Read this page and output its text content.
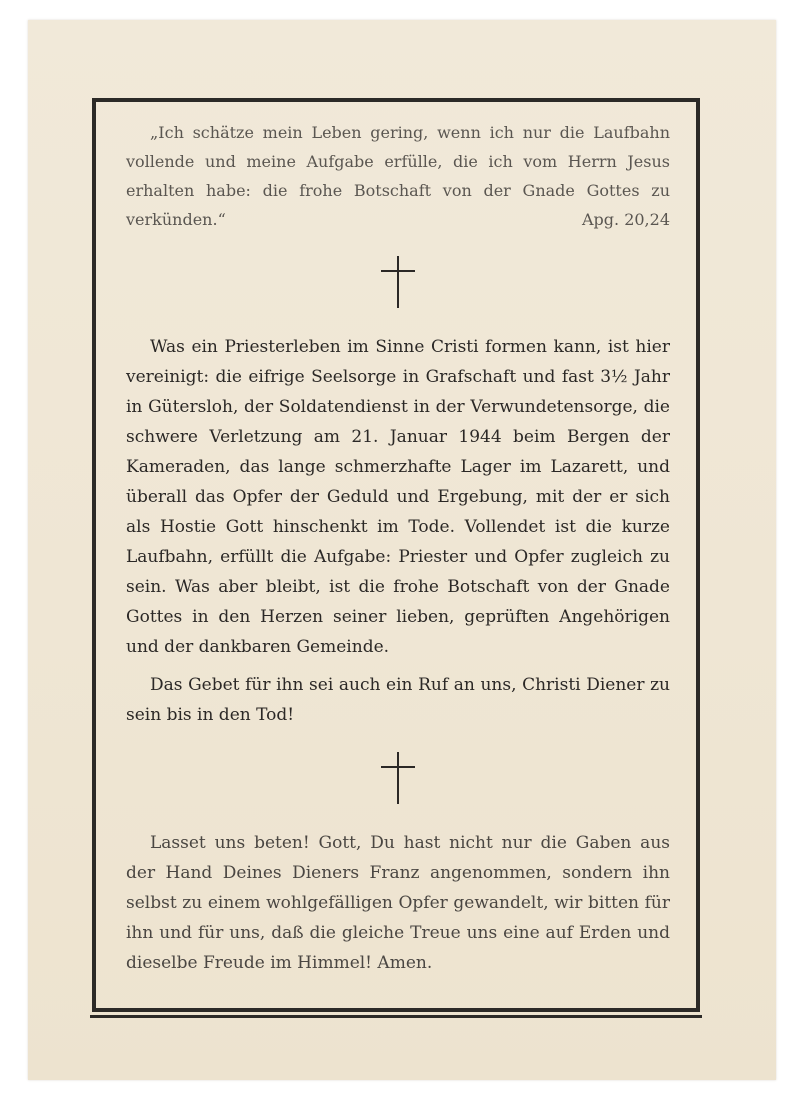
„Ich schätze mein Leben gering, wenn ich nur die Laufbahn vollende und meine Aufgabe erfülle, die ich vom Herrn Jesus erhalten habe: die frohe Botschaft von der Gnade Gottes zu verkünden.“	Apg. 20,24

Was ein Priesterleben im Sinne Cristi formen kann, ist hier vereinigt: die eifrige Seelsorge in Grafschaft und fast 3½ Jahr in Gütersloh, der Soldatendienst in der Verwundetensorge, die schwere Verletzung am 21. Januar 1944 beim Bergen der Kameraden, das lange schmerzhafte Lager im Lazarett, und überall das Opfer der Geduld und Ergebung, mit der er sich als Hostie Gott hinschenkt im Tode. Vollendet ist die kurze Laufbahn, erfüllt die Aufgabe: Priester und Opfer zugleich zu sein. Was aber bleibt, ist die frohe Botschaft von der Gnade Gottes in den Herzen seiner lieben, geprüften Angehörigen und der dankbaren Gemeinde.

Das Gebet für ihn sei auch ein Ruf an uns, Christi Diener zu sein bis in den Tod!

Lasset uns beten! Gott, Du hast nicht nur die Gaben aus der Hand Deines Dieners Franz angenommen, sondern ihn selbst zu einem wohlgefälligen Opfer gewandelt, wir bitten für ihn und für uns, daß die gleiche Treue uns eine auf Erden und dieselbe Freude im Himmel! Amen.
